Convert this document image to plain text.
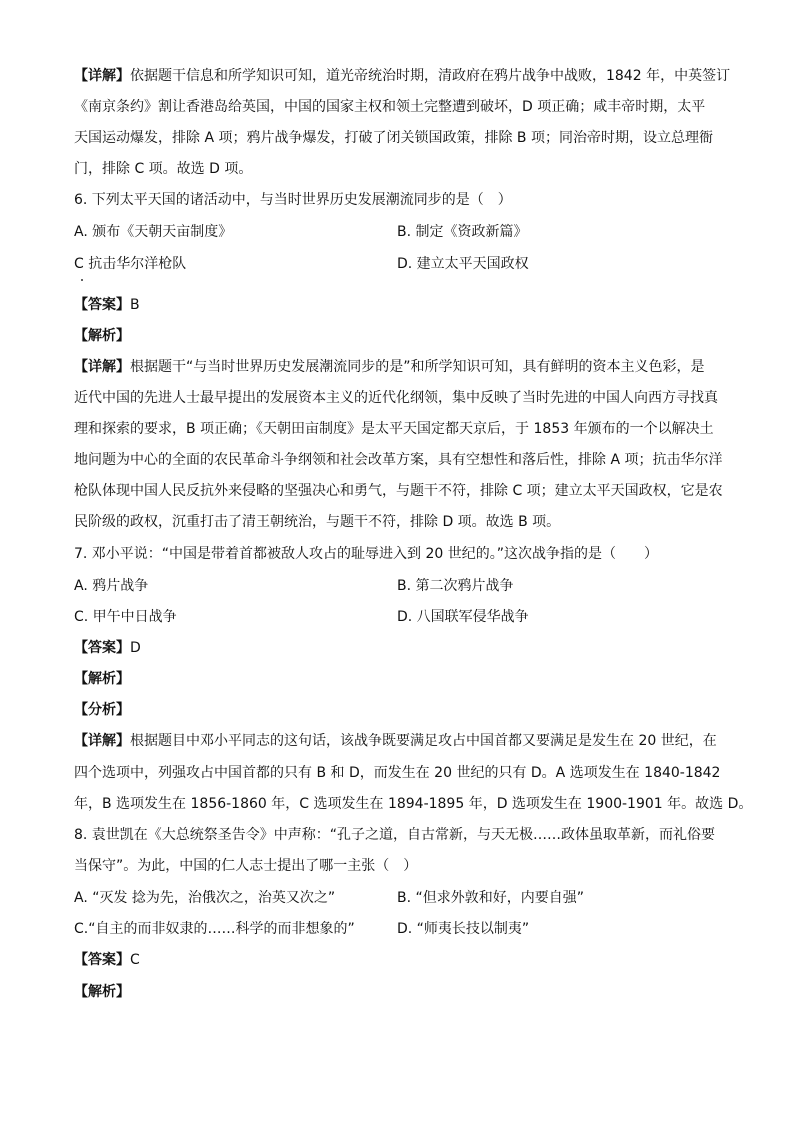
【详解】依据题干信息和所学知识可知，道光帝统治时期，清政府在鸦片战争中战败，1842 年，中英签订
《南京条约》割让香港岛给英国，中国的国家主权和领土完整遭到破坏，D 项正确；咸丰帝时期，太平
天国运动爆发，排除 A 项；鸦片战争爆发，打破了闭关锁国政策，排除 B 项；同治帝时期，设立总理衙
门，排除 C 项。故选 D 项。
6. 下列太平天国的诸活动中，与当时世界历史发展潮流同步的是（　）
A. 颁布《天朝天亩制度》	B. 制定《资政新篇》
C 抗击华尔洋枪队	D. 建立太平天国政权
【答案】B
【解析】
【详解】根据题干“与当时世界历史发展潮流同步的是”和所学知识可知，具有鲜明的资本主义色彩，是
近代中国的先进人士最早提出的发展资本主义的近代化纲领，集中反映了当时先进的中国人向西方寻找真
理和探索的要求，B 项正确；《天朝田亩制度》是太平天国定都天京后，于 1853 年颁布的一个以解决土
地问题为中心的全面的农民革命斗争纲领和社会改革方案，具有空想性和落后性，排除 A 项；抗击华尔洋
枪队体现中国人民反抗外来侵略的坚强决心和勇气，与题干不符，排除 C 项；建立太平天国政权，它是农
民阶级的政权，沉重打击了清王朝统治，与题干不符，排除 D 项。故选 B 项。
7. 邓小平说：“中国是带着首都被敌人攻占的耻辱进入到 20 世纪的。”这次战争指的是（　　）
A. 鸦片战争	B. 第二次鸦片战争
C. 甲午中日战争	D. 八国联军侵华战争
【答案】D
【解析】
【分析】
【详解】根据题目中邓小平同志的这句话，该战争既要满足攻占中国首都又要满足是发生在 20 世纪，在
四个选项中，列强攻占中国首都的只有 B 和 D，而发生在 20 世纪的只有 D。A 选项发生在 1840-1842
年，B 选项发生在 1856-1860 年，C 选项发生在 1894-1895 年，D 选项发生在 1900-1901 年。故选 D。
8. 袁世凯在《大总统祭圣告令》中声称：“孔子之道，自古常新，与天无极……政体虽取革新，而礼俗要
当保守”。为此，中国的仁人志士提出了哪一主张（　）
A. “灭发 捻为先，治俄次之，治英又次之”	B. “但求外敦和好，内要自强”
C.“自主的而非奴隶的……科学的而非想象的”	D. “师夷长技以制夷”
【答案】C
【解析】
